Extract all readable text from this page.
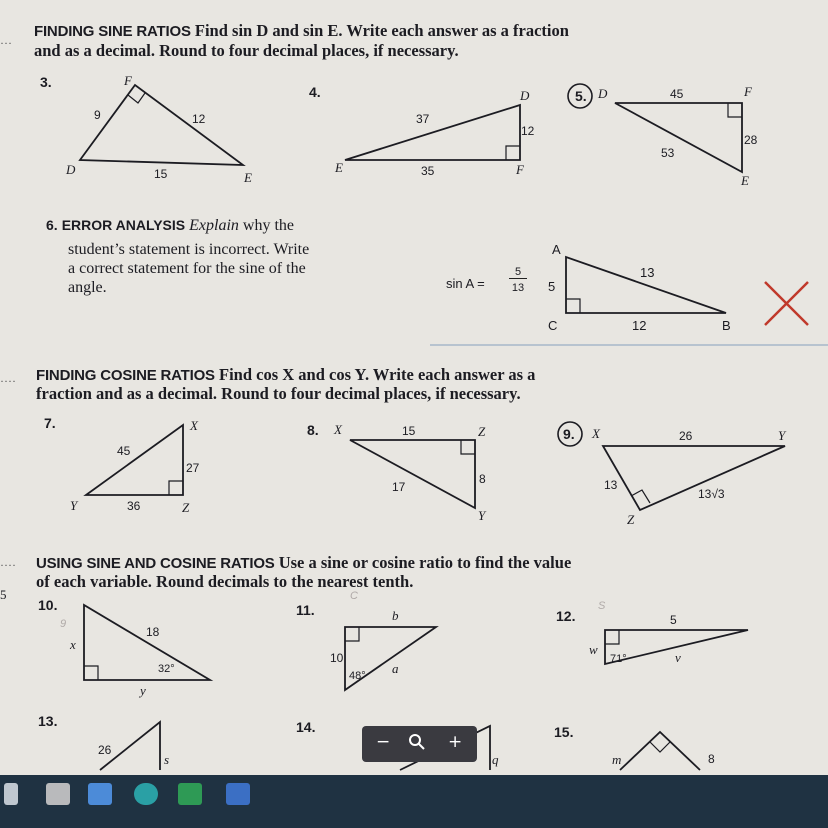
···
····
····
5
FINDING SINE RATIOS Find sin D and sin E. Write each answer as a fraction
and as a decimal. Round to four decimal places, if necessary.
3.
4.	5.
6. ERROR ANALYSIS Explain why the
student’s statement is incorrect. Write
a correct statement for the sine of the
angle.	sin A =
5
13
FINDING COSINE RATIOS Find cos X and cos Y. Write each answer as a
fraction and as a decimal. Round to four decimal places, if necessary.
7.	8.	9.
USING SINE AND COSINE RATIOS Use a sine or cosine ratio to find the value
of each variable. Round decimals to the nearest tenth.
10.	11.	12.
13.	14.	15.
C
S
9
F
D
E
9	12
15
D
E	F
37
12
35
D	F
E
45
28
53
A
B
C
13
5
12
X
Y	Z
45
27
36
X
Y
Z
15
17
8
X	Y
Z
26
13
13√3
18
32°
x
y
10
48° a
b	5
71°
w
v
26
s	q	m	8
−	+
